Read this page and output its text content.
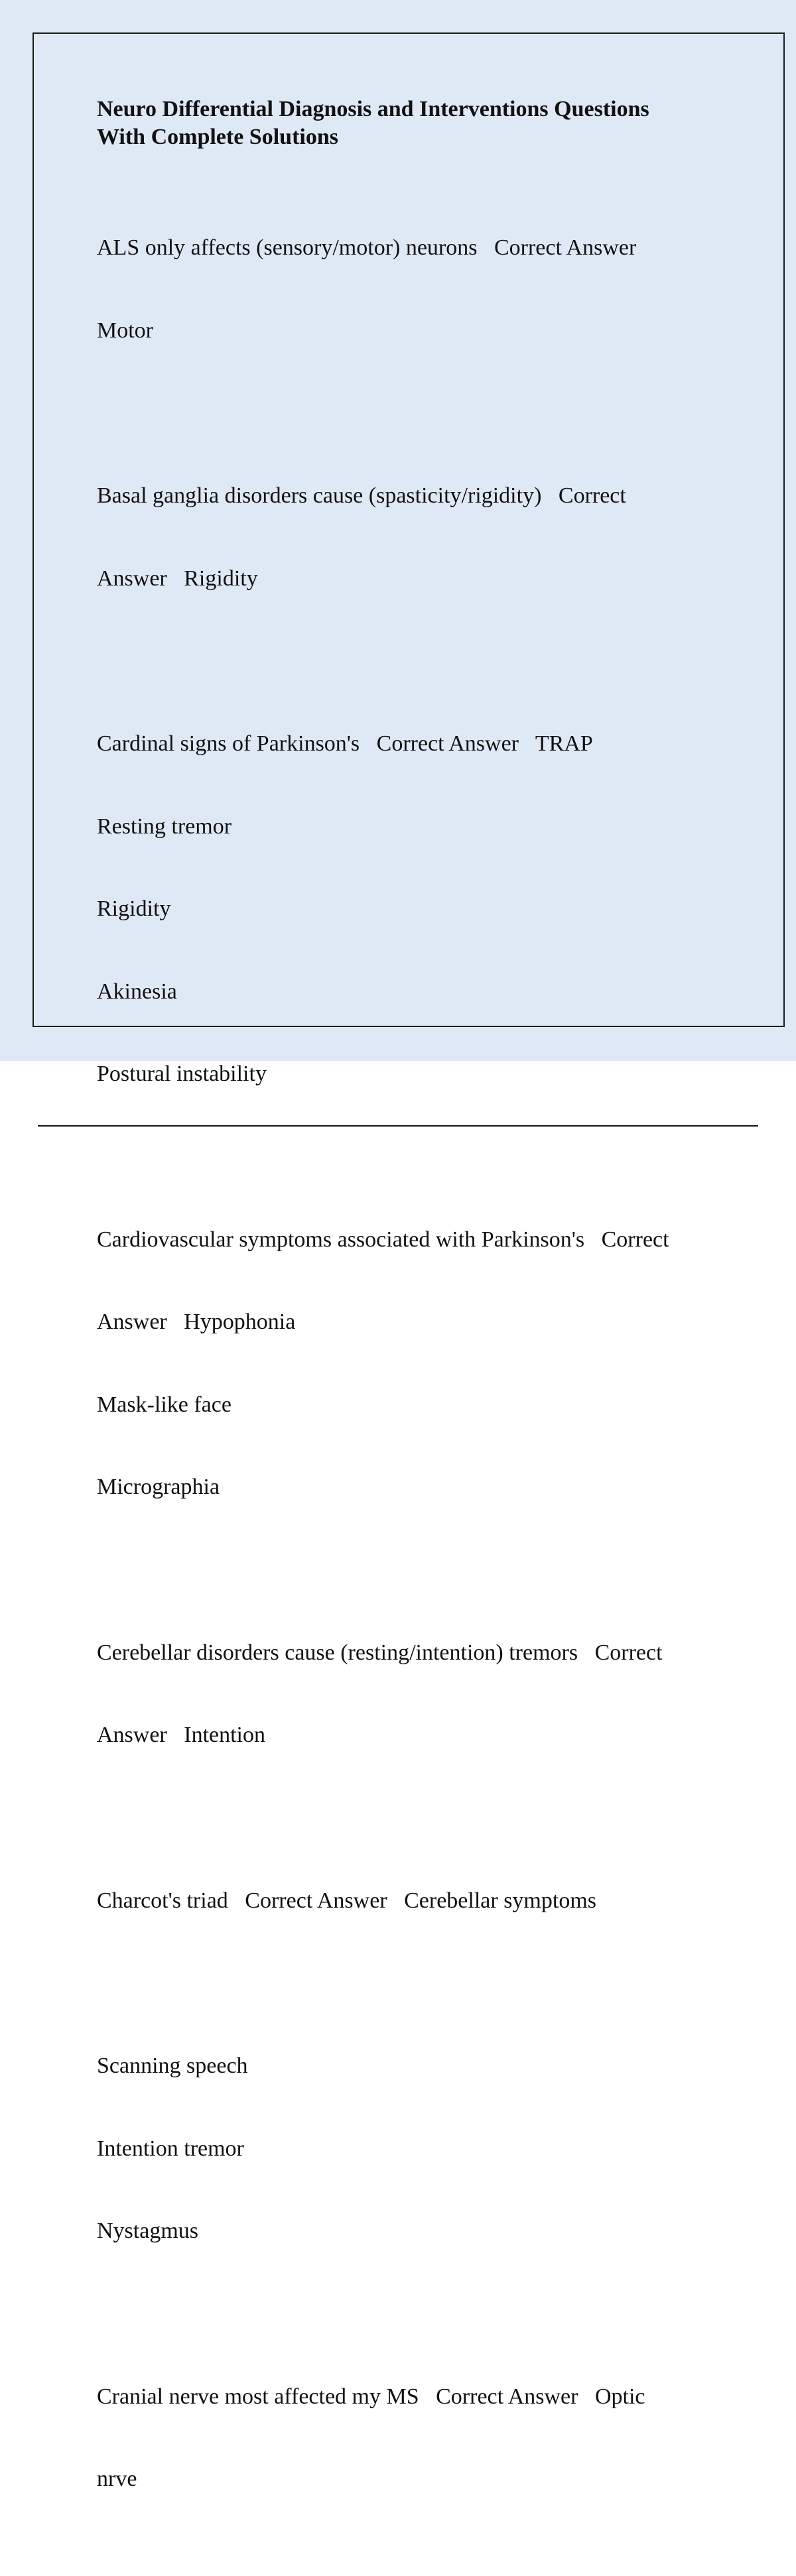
Neuro Differential Diagnosis and Interventions Questions
With Complete Solutions

ALS only affects (sensory/motor) neurons   Correct Answer

Motor

Basal ganglia disorders cause (spasticity/rigidity)   Correct

Answer   Rigidity

Cardinal signs of Parkinson's   Correct Answer   TRAP

Resting tremor

Rigidity

Akinesia

Postural instability

Cardiovascular symptoms associated with Parkinson's   Correct

Answer   Hypophonia

Mask-like face

Micrographia

Cerebellar disorders cause (resting/intention) tremors   Correct

Answer   Intention

Charcot's triad   Correct Answer   Cerebellar symptoms

Scanning speech

Intention tremor

Nystagmus

Cranial nerve most affected my MS   Correct Answer   Optic

nrve
